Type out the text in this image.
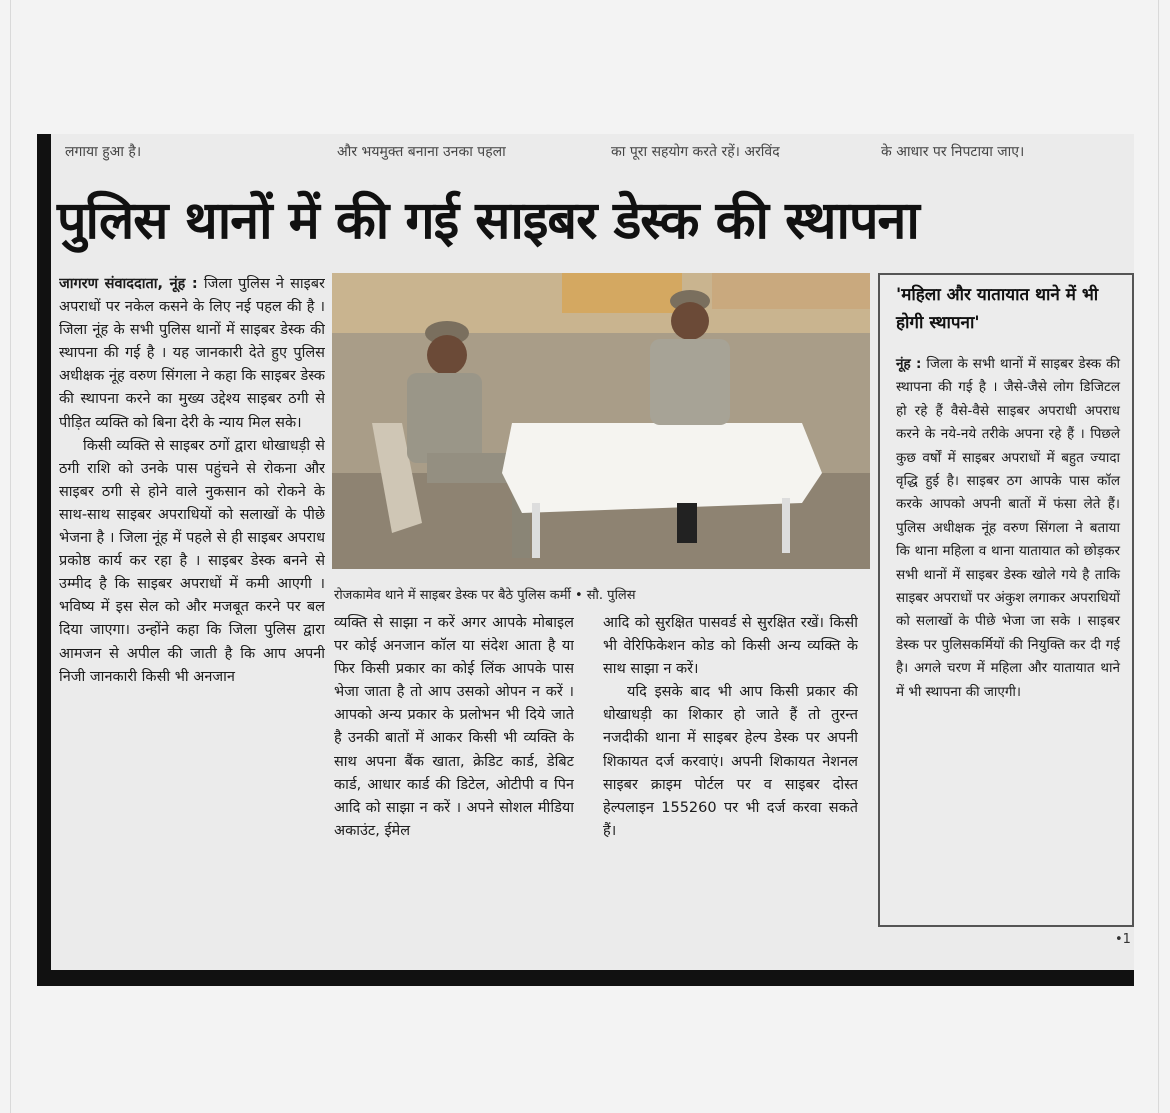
लगाया हुआ है।	और भयमुक्त बनाना उनका पहला	का पूरा सहयोग करते रहें। अरविंद	के आधार पर निपटाया जाए।
पुलिस थानों में की गई साइबर डेस्क की स्थापना

जागरण संवाददाता, नूंह : जिला पुलिस ने साइबर अपराधों पर नकेल कसने के लिए नई पहल की है । जिला नूंह के सभी पुलिस थानों में साइबर डेस्क की स्थापना की गई है । यह जानकारी देते हुए पुलिस अधीक्षक नूंह वरुण सिंगला ने कहा कि साइबर डेस्क की स्थापना करने का मुख्य उद्देश्य साइबर ठगी से पीड़ित व्यक्ति को बिना देरी के न्याय मिल सके।

किसी व्यक्ति से साइबर ठगों द्वारा धोखाधड़ी से ठगी राशि को उनके पास पहुंचने से रोकना और साइबर ठगी से होने वाले नुकसान को रोकने के साथ-साथ साइबर अपराधियों को सलाखों के पीछे भेजना है । जिला नूंह में पहले से ही साइबर अपराध प्रकोष्ठ कार्य कर रहा है । साइबर डेस्क बनने से उम्मीद है कि साइबर अपराधों में कमी आएगी । भविष्य में इस सेल को और मजबूत करने पर बल दिया जाएगा। उन्होंने कहा कि जिला पुलिस द्वारा आमजन से अपील की जाती है कि आप अपनी निजी जानकारी किसी भी अनजान

रोजकामेव थाने में साइबर डेस्क पर बैठे पुलिस कर्मी • सौ. पुलिस

व्यक्ति से साझा न करें अगर आपके मोबाइल पर कोई अनजान कॉल या संदेश आता है या फिर किसी प्रकार का कोई लिंक आपके पास भेजा जाता है तो आप उसको ओपन न करें । आपको अन्य प्रकार के प्रलोभन भी दिये जाते है उनकी बातों में आकर किसी भी व्यक्ति के साथ अपना बैंक खाता, क्रेडिट कार्ड, डेबिट कार्ड, आधार कार्ड की डिटेल, ओटीपी व पिन आदि को साझा न करें । अपने सोशल मीडिया अकाउंट, ईमेल

आदि को सुरक्षित पासवर्ड से सुरक्षित रखें। किसी भी वेरिफिकेशन कोड को किसी अन्य व्यक्ति के साथ साझा न करें।

यदि इसके बाद भी आप किसी प्रकार की धोखाधड़ी का शिकार हो जाते हैं तो तुरन्त नजदीकी थाना में साइबर हेल्प डेस्क पर अपनी शिकायत दर्ज करवाएं। अपनी शिकायत नेशनल साइबर क्राइम पोर्टल पर व साइबर दोस्त हेल्पलाइन 155260 पर भी दर्ज करवा सकते हैं।

'महिला और यातायात थाने में भी होगी स्थापना'
नूंह : जिला के सभी थानों में साइबर डेस्क की स्थापना की गई है । जैसे-जैसे लोग डिजिटल हो रहे हैं वैसे-वैसे साइबर अपराधी अपराध करने के नये-नये तरीके अपना रहे हैं । पिछले कुछ वर्षों में साइबर अपराधों में बहुत ज्यादा वृद्धि हुई है। साइबर ठग आपके पास कॉल करके आपको अपनी बातों में फंसा लेते हैं। पुलिस अधीक्षक नूंह वरुण सिंगला ने बताया कि थाना महिला व थाना यातायात को छोड़कर सभी थानों में साइबर डेस्क खोले गये है ताकि साइबर अपराधों पर अंकुश लगाकर अपराधियों को सलाखों के पीछे भेजा जा सके । साइबर डेस्क पर पुलिसकर्मियों की नियुक्ति कर दी गई है। अगले चरण में महिला और यातायात थाने में भी स्थापना की जाएगी।
•1
